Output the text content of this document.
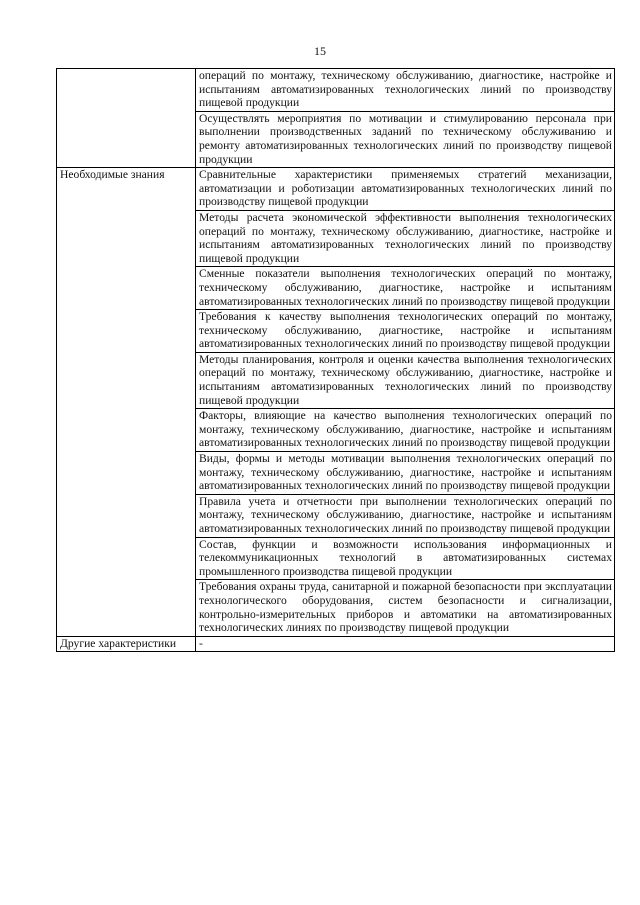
15
	операций по монтажу, техническому обслуживанию, диагностике, настройке и испытаниям автоматизированных технологических линий по производству пищевой продукции
	Осуществлять мероприятия по мотивации и стимулированию персонала при выполнении производственных заданий по техническому обслуживанию и ремонту автоматизированных технологических линий по производству пищевой продукции
Необходимые знания	Сравнительные характеристики применяемых стратегий механизации, автоматизации и роботизации автоматизированных технологических линий по производству пищевой продукции
	Методы расчета экономической эффективности выполнения технологических операций по монтажу, техническому обслуживанию, диагностике, настройке и испытаниям автоматизированных технологических линий по производству пищевой продукции
	Сменные показатели выполнения технологических операций по монтажу, техническому обслуживанию, диагностике, настройке и испытаниям автоматизированных технологических линий по производству пищевой продукции
	Требования к качеству выполнения технологических операций по монтажу, техническому обслуживанию, диагностике, настройке и испытаниям автоматизированных технологических линий по производству пищевой продукции
	Методы планирования, контроля и оценки качества выполнения технологических операций по монтажу, техническому обслуживанию, диагностике, настройке и испытаниям автоматизированных технологических линий по производству пищевой продукции
	Факторы, влияющие на качество выполнения технологических операций по монтажу, техническому обслуживанию, диагностике, настройке и испытаниям автоматизированных технологических линий по производству пищевой продукции
	Виды, формы и методы мотивации выполнения технологических операций по монтажу, техническому обслуживанию, диагностике, настройке и испытаниям автоматизированных технологических линий по производству пищевой продукции
	Правила учета и отчетности при выполнении технологических операций по монтажу, техническому обслуживанию, диагностике, настройке и испытаниям автоматизированных технологических линий по производству пищевой продукции
	Состав, функции и возможности использования информационных и телекоммуникационных технологий в автоматизированных системах промышленного производства пищевой продукции
	Требования охраны труда, санитарной и пожарной безопасности при эксплуатации технологического оборудования, систем безопасности и сигнализации, контрольно-измерительных приборов и автоматики на автоматизированных технологических линиях по производству пищевой продукции
Другие характеристики	-
